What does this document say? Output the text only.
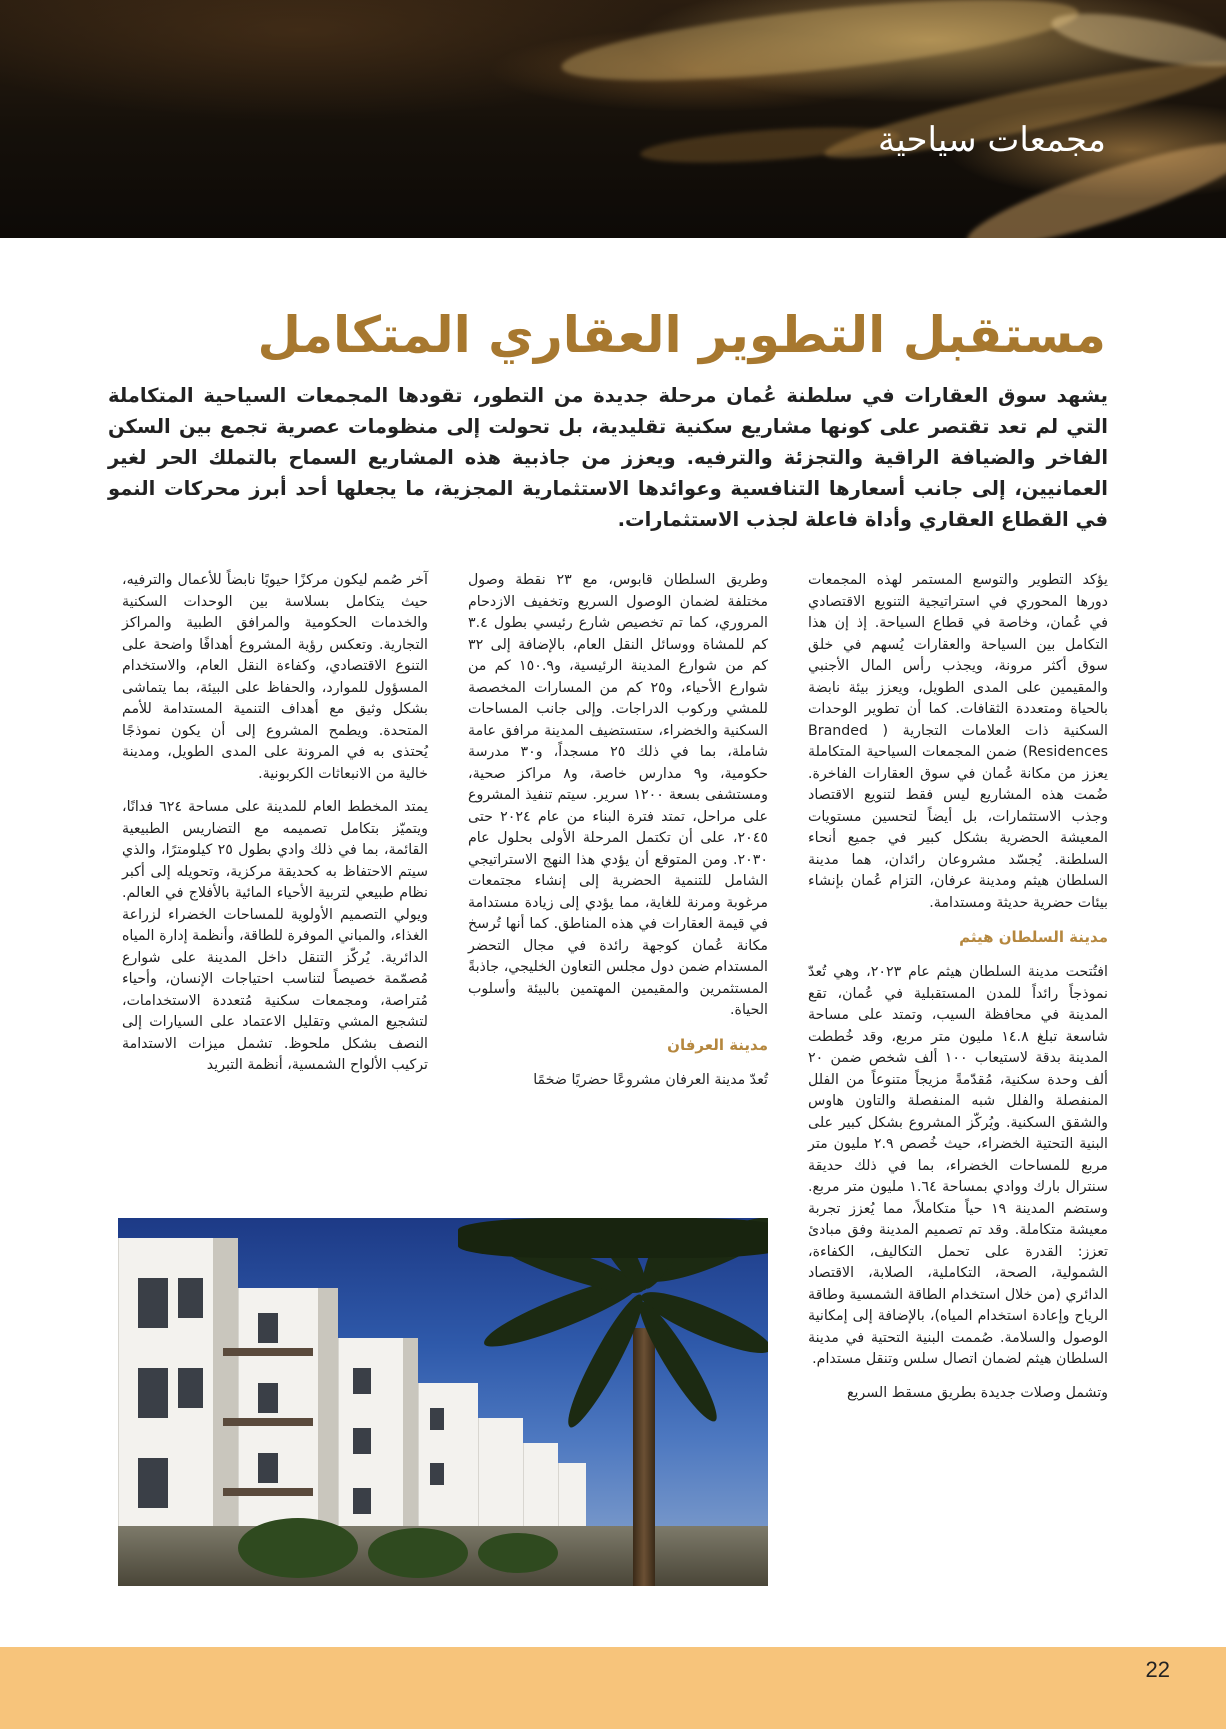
مجمعات سياحية
مستقبل التطوير العقاري المتكامل

يشهد سوق العقارات في سلطنة عُمان مرحلة جديدة من التطور، تقودها المجمعات السياحية المتكاملة التي لم تعد تقتصر على كونها مشاريع سكنية تقليدية، بل تحولت إلى منظومات عصرية تجمع بين السكن الفاخر والضيافة الراقية والتجزئة والترفيه. ويعزز من جاذبية هذه المشاريع السماح بالتملك الحر لغير العمانيين، إلى جانب أسعارها التنافسية وعوائدها الاستثمارية المجزية، ما يجعلها أحد أبرز محركات النمو في القطاع العقاري وأداة فاعلة لجذب الاستثمارات.

يؤكد التطوير والتوسع المستمر لهذه المجمعات دورها المحوري في استراتيجية التنويع الاقتصادي في عُمان، وخاصة في قطاع السياحة. إذ إن هذا التكامل بين السياحة والعقارات يُسهم في خلق سوق أكثر مرونة، ويجذب رأس المال الأجنبي والمقيمين على المدى الطويل، ويعزز بيئة نابضة بالحياة ومتعددة الثقافات. كما أن تطوير الوحدات السكنية ذات العلامات التجارية ( Branded Residences) ضمن المجمعات السياحية المتكاملة يعزز من مكانة عُمان في سوق العقارات الفاخرة. ضُمت هذه المشاريع ليس فقط لتنويع الاقتصاد وجذب الاستثمارات، بل أيضاً لتحسين مستويات المعيشة الحضرية بشكل كبير في جميع أنحاء السلطنة. يُجسّد مشروعان رائدان، هما مدينة السلطان هيثم ومدينة عرفان، التزام عُمان بإنشاء بيئات حضرية حديثة ومستدامة.

مدينة السلطان هيثم

افتُتحت مدينة السلطان هيثم عام ٢٠٢٣، وهي تُعدّ نموذجاً رائداً للمدن المستقبلية في عُمان، تقع المدينة في محافظة السيب، وتمتد على مساحة شاسعة تبلغ ١٤.٨ مليون متر مربع، وقد خُططت المدينة بدقة لاستيعاب ١٠٠ ألف شخص ضمن ٢٠ ألف وحدة سكنية، مُقدّمةً مزيجاً متنوعاً من الفلل المنفصلة والفلل شبه المنفصلة والتاون هاوس والشقق السكنية. ويُركّز المشروع بشكل كبير على البنية التحتية الخضراء، حيث خُصص ٢.٩ مليون متر مربع للمساحات الخضراء، بما في ذلك حديقة سنترال بارك ووادي بمساحة ١.٦٤ مليون متر مربع. وستضم المدينة ١٩ حياً متكاملاً، مما يُعزز تجربة معيشة متكاملة. وقد تم تصميم المدينة وفق مبادئ تعزز: القدرة على تحمل التكاليف، الكفاءة، الشمولية، الصحة، التكاملية، الصلابة، الاقتصاد الدائري (من خلال استخدام الطاقة الشمسية وطاقة الرياح وإعادة استخدام المياه)، بالإضافة إلى إمكانية الوصول والسلامة. صُممت البنية التحتية في مدينة السلطان هيثم لضمان اتصال سلس وتنقل مستدام.

وتشمل وصلات جديدة بطريق مسقط السريع

وطريق السلطان قابوس، مع ٢٣ نقطة وصول مختلفة لضمان الوصول السريع وتخفيف الازدحام المروري، كما تم تخصيص شارع رئيسي بطول ٣.٤ كم للمشاة ووسائل النقل العام، بالإضافة إلى ٣٢ كم من شوارع المدينة الرئيسية، و١٥٠.٩ كم من شوارع الأحياء، و٢٥ كم من المسارات المخصصة للمشي وركوب الدراجات. وإلى جانب المساحات السكنية والخضراء، ستستضيف المدينة مرافق عامة شاملة، بما في ذلك ٢٥ مسجداً، و٣٠ مدرسة حكومية، و٩ مدارس خاصة، و٨ مراكز صحية، ومستشفى بسعة ١٢٠٠ سرير. سيتم تنفيذ المشروع على مراحل، تمتد فترة البناء من عام ٢٠٢٤ حتى ٢٠٤٥، على أن تكتمل المرحلة الأولى بحلول عام ٢٠٣٠. ومن المتوقع أن يؤدي هذا النهج الاستراتيجي الشامل للتنمية الحضرية إلى إنشاء مجتمعات مرغوبة ومرنة للغاية، مما يؤدي إلى زيادة مستدامة في قيمة العقارات في هذه المناطق. كما أنها تُرسخ مكانة عُمان كوجهة رائدة في مجال التحضر المستدام ضمن دول مجلس التعاون الخليجي، جاذبةً المستثمرين والمقيمين المهتمين بالبيئة وأسلوب الحياة.

مدينة العرفان

تُعدّ مدينة العرفان مشروعًا حضريًا ضخمًا

آخر صُمم ليكون مركزًا حيويًا نابضاً للأعمال والترفيه، حيث يتكامل بسلاسة بين الوحدات السكنية والخدمات الحكومية والمرافق الطبية والمراكز التجارية. وتعكس رؤية المشروع أهدافًا واضحة على التنوع الاقتصادي، وكفاءة النقل العام، والاستخدام المسؤول للموارد، والحفاظ على البيئة، بما يتماشى بشكل وثيق مع أهداف التنمية المستدامة للأمم المتحدة. ويطمح المشروع إلى أن يكون نموذجًا يُحتذى به في المرونة على المدى الطويل، ومدينة خالية من الانبعاثات الكربونية.

يمتد المخطط العام للمدينة على مساحة ٦٢٤ فدانًا، ويتميّز بتكامل تصميمه مع التضاريس الطبيعية القائمة، بما في ذلك وادي بطول ٢٥ كيلومترًا، والذي سيتم الاحتفاظ به كحديقة مركزية، وتحويله إلى أكبر نظام طبيعي لتربية الأحياء المائية بالأفلاج في العالم. ويولي التصميم الأولوية للمساحات الخضراء لزراعة الغذاء، والمباني الموفرة للطاقة، وأنظمة إدارة المياه الدائرية. يُركّز التنقل داخل المدينة على شوارع مُصمّمة خصيصاً لتناسب احتياجات الإنسان، وأحياء مُتراصة، ومجمعات سكنية مُتعددة الاستخدامات، لتشجيع المشي وتقليل الاعتماد على السيارات إلى النصف بشكل ملحوظ. تشمل ميزات الاستدامة تركيب الألواح الشمسية، أنظمة التبريد

22
